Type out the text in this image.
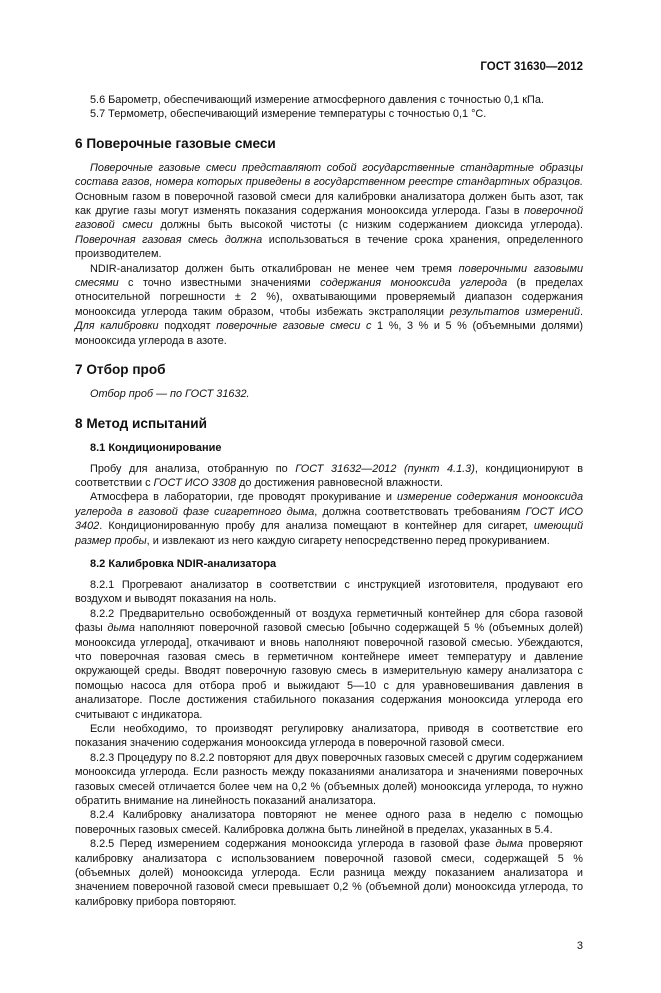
ГОСТ 31630—2012

5.6 Барометр, обеспечивающий измерение атмосферного давления с точностью 0,1 кПа.

5.7 Термометр, обеспечивающий измерение температуры с точностью 0,1 °С.

6 Поверочные газовые смеси

Поверочные газовые смеси представляют собой государственные стандартные образцы состава газов, номера которых приведены в государственном реестре стандартных образцов. Основным газом в поверочной газовой смеси для калибровки анализатора должен быть азот, так как другие газы могут изменять показания содержания монооксида углерода. Газы в поверочной газовой смеси должны быть высокой чистоты (с низким содержанием диоксида углерода). Поверочная газовая смесь должна использоваться в течение срока хранения, определенного производителем.

NDIR-анализатор должен быть откалиброван не менее чем тремя поверочными газовыми смесями с точно известными значениями содержания монооксида углерода (в пределах относительной погрешности ± 2 %), охватывающими проверяемый диапазон содержания монооксида углерода таким образом, чтобы избежать экстраполяции результатов измерений. Для калибровки подходят поверочные газовые смеси с 1 %, 3 % и 5 % (объемными долями) монооксида углерода в азоте.

7 Отбор проб

Отбор проб — по ГОСТ 31632.

8 Метод испытаний
8.1 Кондиционирование

Пробу для анализа, отобранную по ГОСТ 31632—2012 (пункт 4.1.3), кондиционируют в соответствии с ГОСТ ИСО 3308 до достижения равновесной влажности.

Атмосфера в лаборатории, где проводят прокуривание и измерение содержания монооксида углерода в газовой фазе сигаретного дыма, должна соответствовать требованиям ГОСТ ИСО 3402. Кондиционированную пробу для анализа помещают в контейнер для сигарет, имеющий размер пробы, и извлекают из него каждую сигарету непосредственно перед прокуриванием.

8.2 Калибровка NDIR-анализатора

8.2.1 Прогревают анализатор в соответствии с инструкцией изготовителя, продувают его воздухом и выводят показания на ноль.

8.2.2 Предварительно освобожденный от воздуха герметичный контейнер для сбора газовой фазы дыма наполняют поверочной газовой смесью [обычно содержащей 5 % (объемных долей) монооксида углерода], откачивают и вновь наполняют поверочной газовой смесью. Убеждаются, что поверочная газовая смесь в герметичном контейнере имеет температуру и давление окружающей среды. Вводят поверочную газовую смесь в измерительную камеру анализатора с помощью насоса для отбора проб и выжидают 5—10 с для уравновешивания давления в анализаторе. После достижения стабильного показания содержания монооксида углерода его считывают с индикатора.

Если необходимо, то производят регулировку анализатора, приводя в соответствие его показания значению содержания монооксида углерода в поверочной газовой смеси.

8.2.3 Процедуру по 8.2.2 повторяют для двух поверочных газовых смесей с другим содержанием монооксида углерода. Если разность между показаниями анализатора и значениями поверочных газовых смесей отличается более чем на 0,2 % (объемных долей) монооксида углерода, то нужно обратить внимание на линейность показаний анализатора.

8.2.4 Калибровку анализатора повторяют не менее одного раза в неделю с помощью поверочных газовых смесей. Калибровка должна быть линейной в пределах, указанных в 5.4.

8.2.5 Перед измерением содержания монооксида углерода в газовой фазе дыма проверяют калибровку анализатора с использованием поверочной газовой смеси, содержащей 5 % (объемных долей) монооксида углерода. Если разница между показанием анализатора и значением поверочной газовой смеси превышает 0,2 % (объемной доли) монооксида углерода, то калибровку прибора повторяют.

3
